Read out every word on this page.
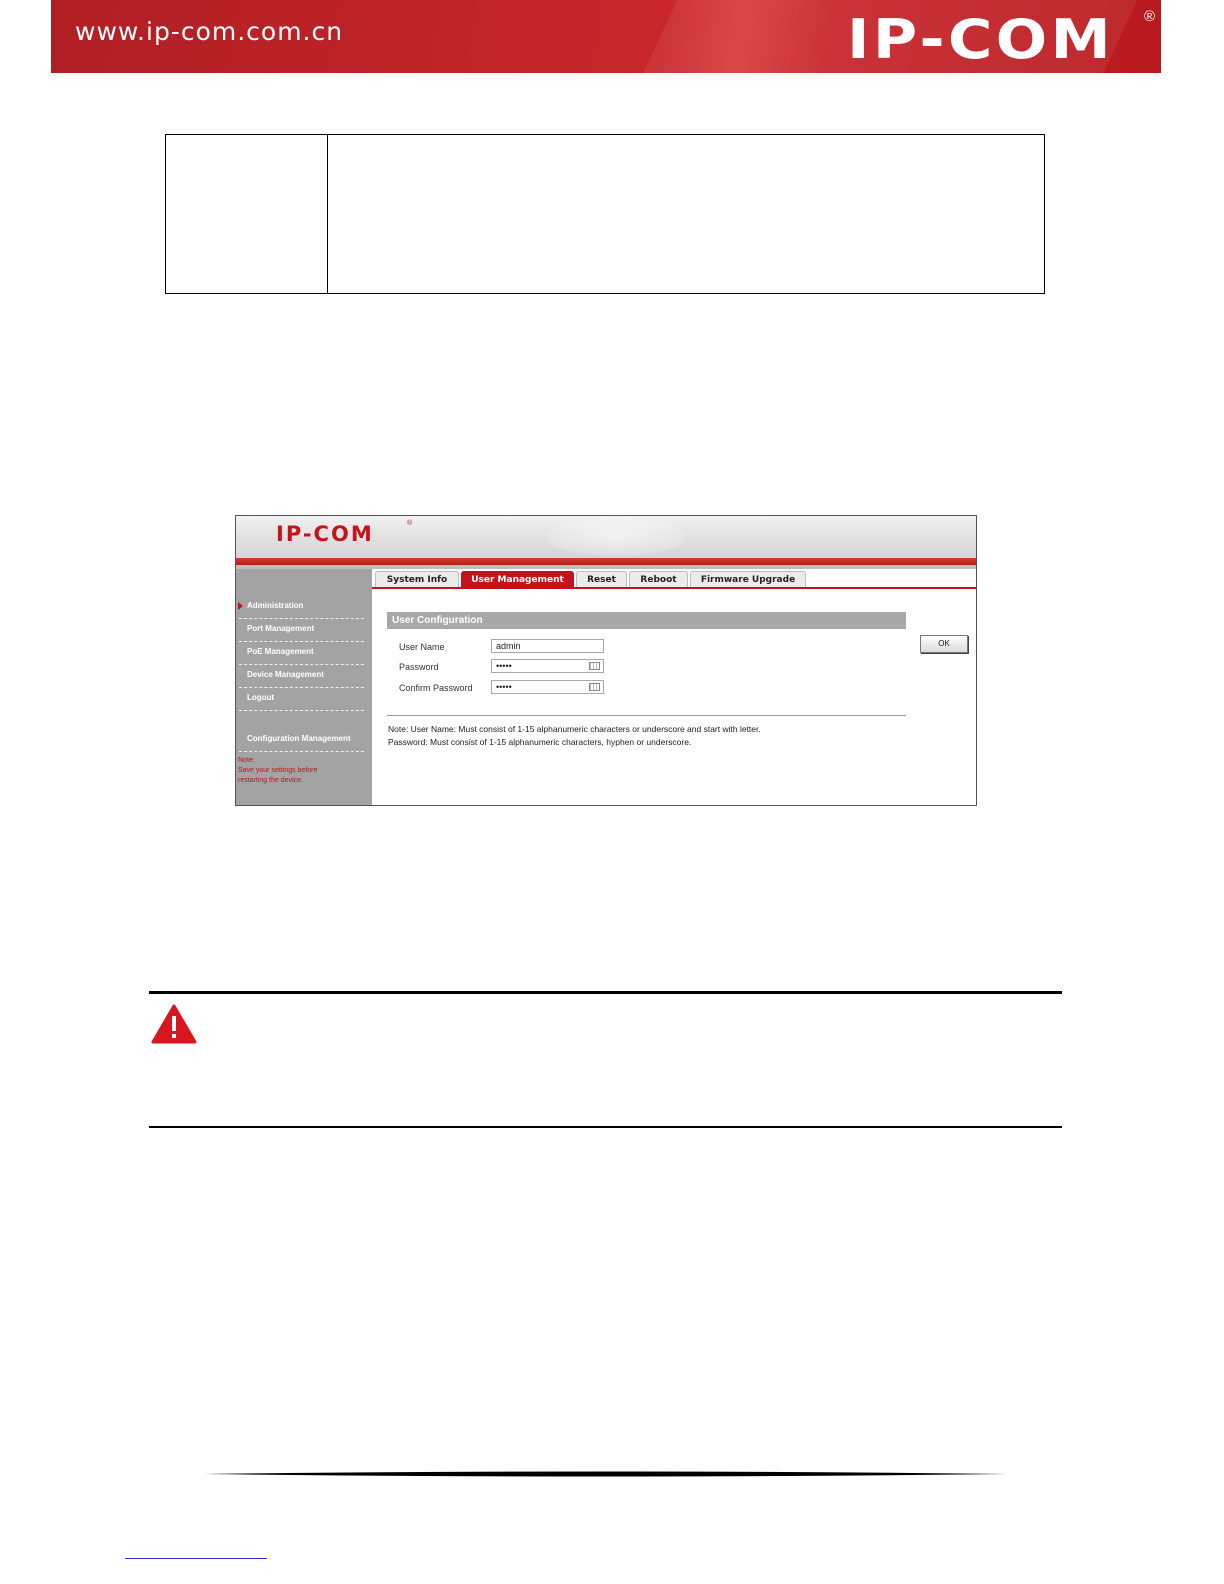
www.ip-com.com.cn	IP-COM ®
IP-COM	®
Administration
Port Management
PoE Management
Device Management
Logout
Configuration Management
Note:
Save your settings before
restarting the device.
System Info	User Management	Reset	Reboot	Firmware Upgrade
User Configuration
User Name	admin
Password	•••••
Confirm Password	•••••
OK
Note: User Name: Must consist of 1-15 alphanumeric characters or underscore and start with letter.
Password: Must consist of 1-15 alphanumeric characters, hyphen or underscore.
